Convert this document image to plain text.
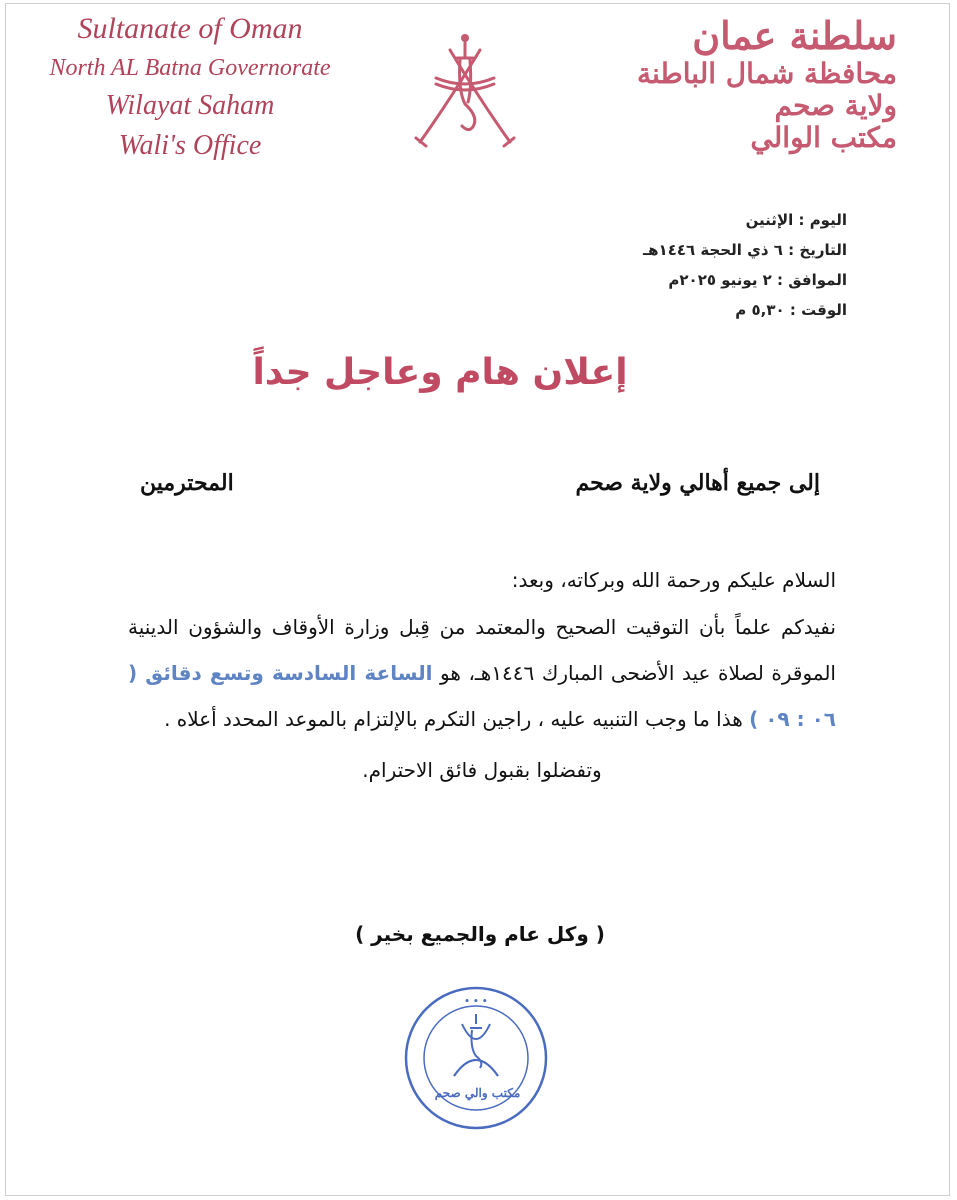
Sultanate of Oman
North AL Batna Governorate
Wilayat Saham
Wali's Office
سلطنة عمان
محافظة شمال الباطنة
ولاية صحم
مكتب الوالي
اليوم : الإثنين
التاريخ : ٦ ذي الحجة ١٤٤٦هـ
الموافق : ٢ يونيو ٢٠٢٥م
الوقت : ٥,٣٠ م
إعلان هام وعاجل جداً
إلى جميع أهالي ولاية صحم
المحترمين

السلام عليكم ورحمة الله وبركاته، وبعد:

نفيدكم علماً بأن التوقيت الصحيح والمعتمد من قِبل وزارة الأوقاف والشؤون الدينية الموقرة لصلاة عيد الأضحى المبارك ١٤٤٦هـ، هو الساعة السادسة وتسع دقائق ( ٠٦ : ٠٩ ) هذا ما وجب التنبيه عليه ، راجين التكرم بالإلتزام بالموعد المحدد أعلاه .

وتفضلوا بقبول فائق الاحترام.

( وكل عام والجميع بخير )
∙ ∙ ∙
مكتب والي صحم
